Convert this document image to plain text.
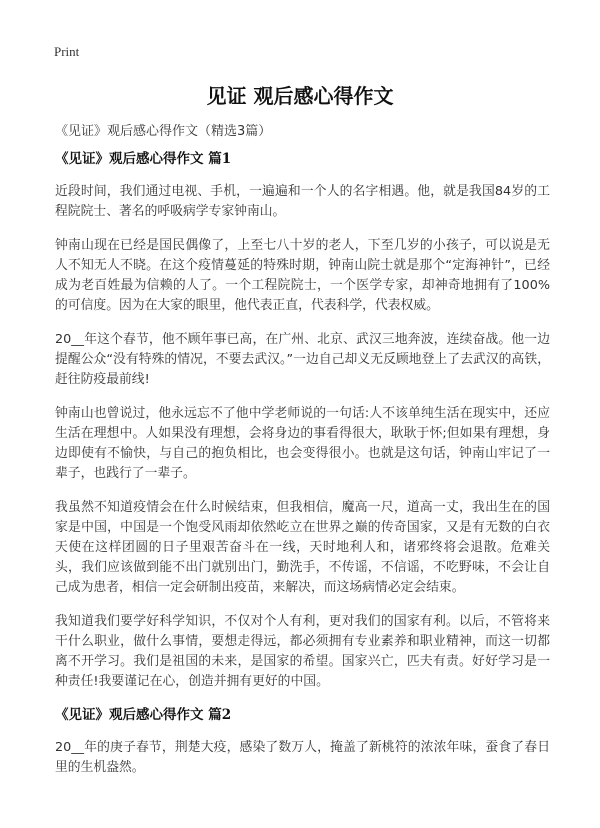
Print
见证 观后感心得作文

《见证》观后感心得作文（精选3篇）

《见证》观后感心得作文 篇1

近段时间，我们通过电视、手机，一遍遍和一个人的名字相遇。他，就是我国84岁的工程院院士、著名的呼吸病学专家钟南山。

钟南山现在已经是国民偶像了，上至七八十岁的老人，下至几岁的小孩子，可以说是无人不知无人不晓。在这个疫情蔓延的特殊时期，钟南山院士就是那个“定海神针”，已经成为老百姓最为信赖的人了。一个工程院院士，一个医学专家，却神奇地拥有了100%的可信度。因为在大家的眼里，他代表正直，代表科学，代表权威。

20__年这个春节，他不顾年事已高，在广州、北京、武汉三地奔波，连续奋战。他一边提醒公众“没有特殊的情况，不要去武汉。”一边自己却义无反顾地登上了去武汉的高铁，赶往防疫最前线!

钟南山也曾说过，他永远忘不了他中学老师说的一句话:人不该单纯生活在现实中，还应生活在理想中。人如果没有理想，会将身边的事看得很大，耿耿于怀;但如果有理想，身边即使有不愉快，与自己的抱负相比，也会变得很小。也就是这句话，钟南山牢记了一辈子，也践行了一辈子。

我虽然不知道疫情会在什么时候结束，但我相信，魔高一尺，道高一丈，我出生在的国家是中国，中国是一个饱受风雨却依然屹立在世界之巅的传奇国家，又是有无数的白衣天使在这样团圆的日子里艰苦奋斗在一线，天时地利人和，诸邪终将会退散。危难关头，我们应该做到能不出门就别出门，勤洗手，不传谣，不信谣，不吃野味，不会让自己成为患者，相信一定会研制出疫苗，来解决，而这场病情必定会结束。

我知道我们要学好科学知识，不仅对个人有利，更对我们的国家有利。以后，不管将来干什么职业，做什么事情，要想走得远，都必须拥有专业素养和职业精神，而这一切都离不开学习。我们是祖国的未来，是国家的希望。国家兴亡，匹夫有责。好好学习是一种责任!我要谨记在心，创造并拥有更好的中国。

《见证》观后感心得作文 篇2

20__年的庚子春节，荆楚大疫，感染了数万人，掩盖了新桃符的浓浓年味，蚕食了春日里的生机盎然。
